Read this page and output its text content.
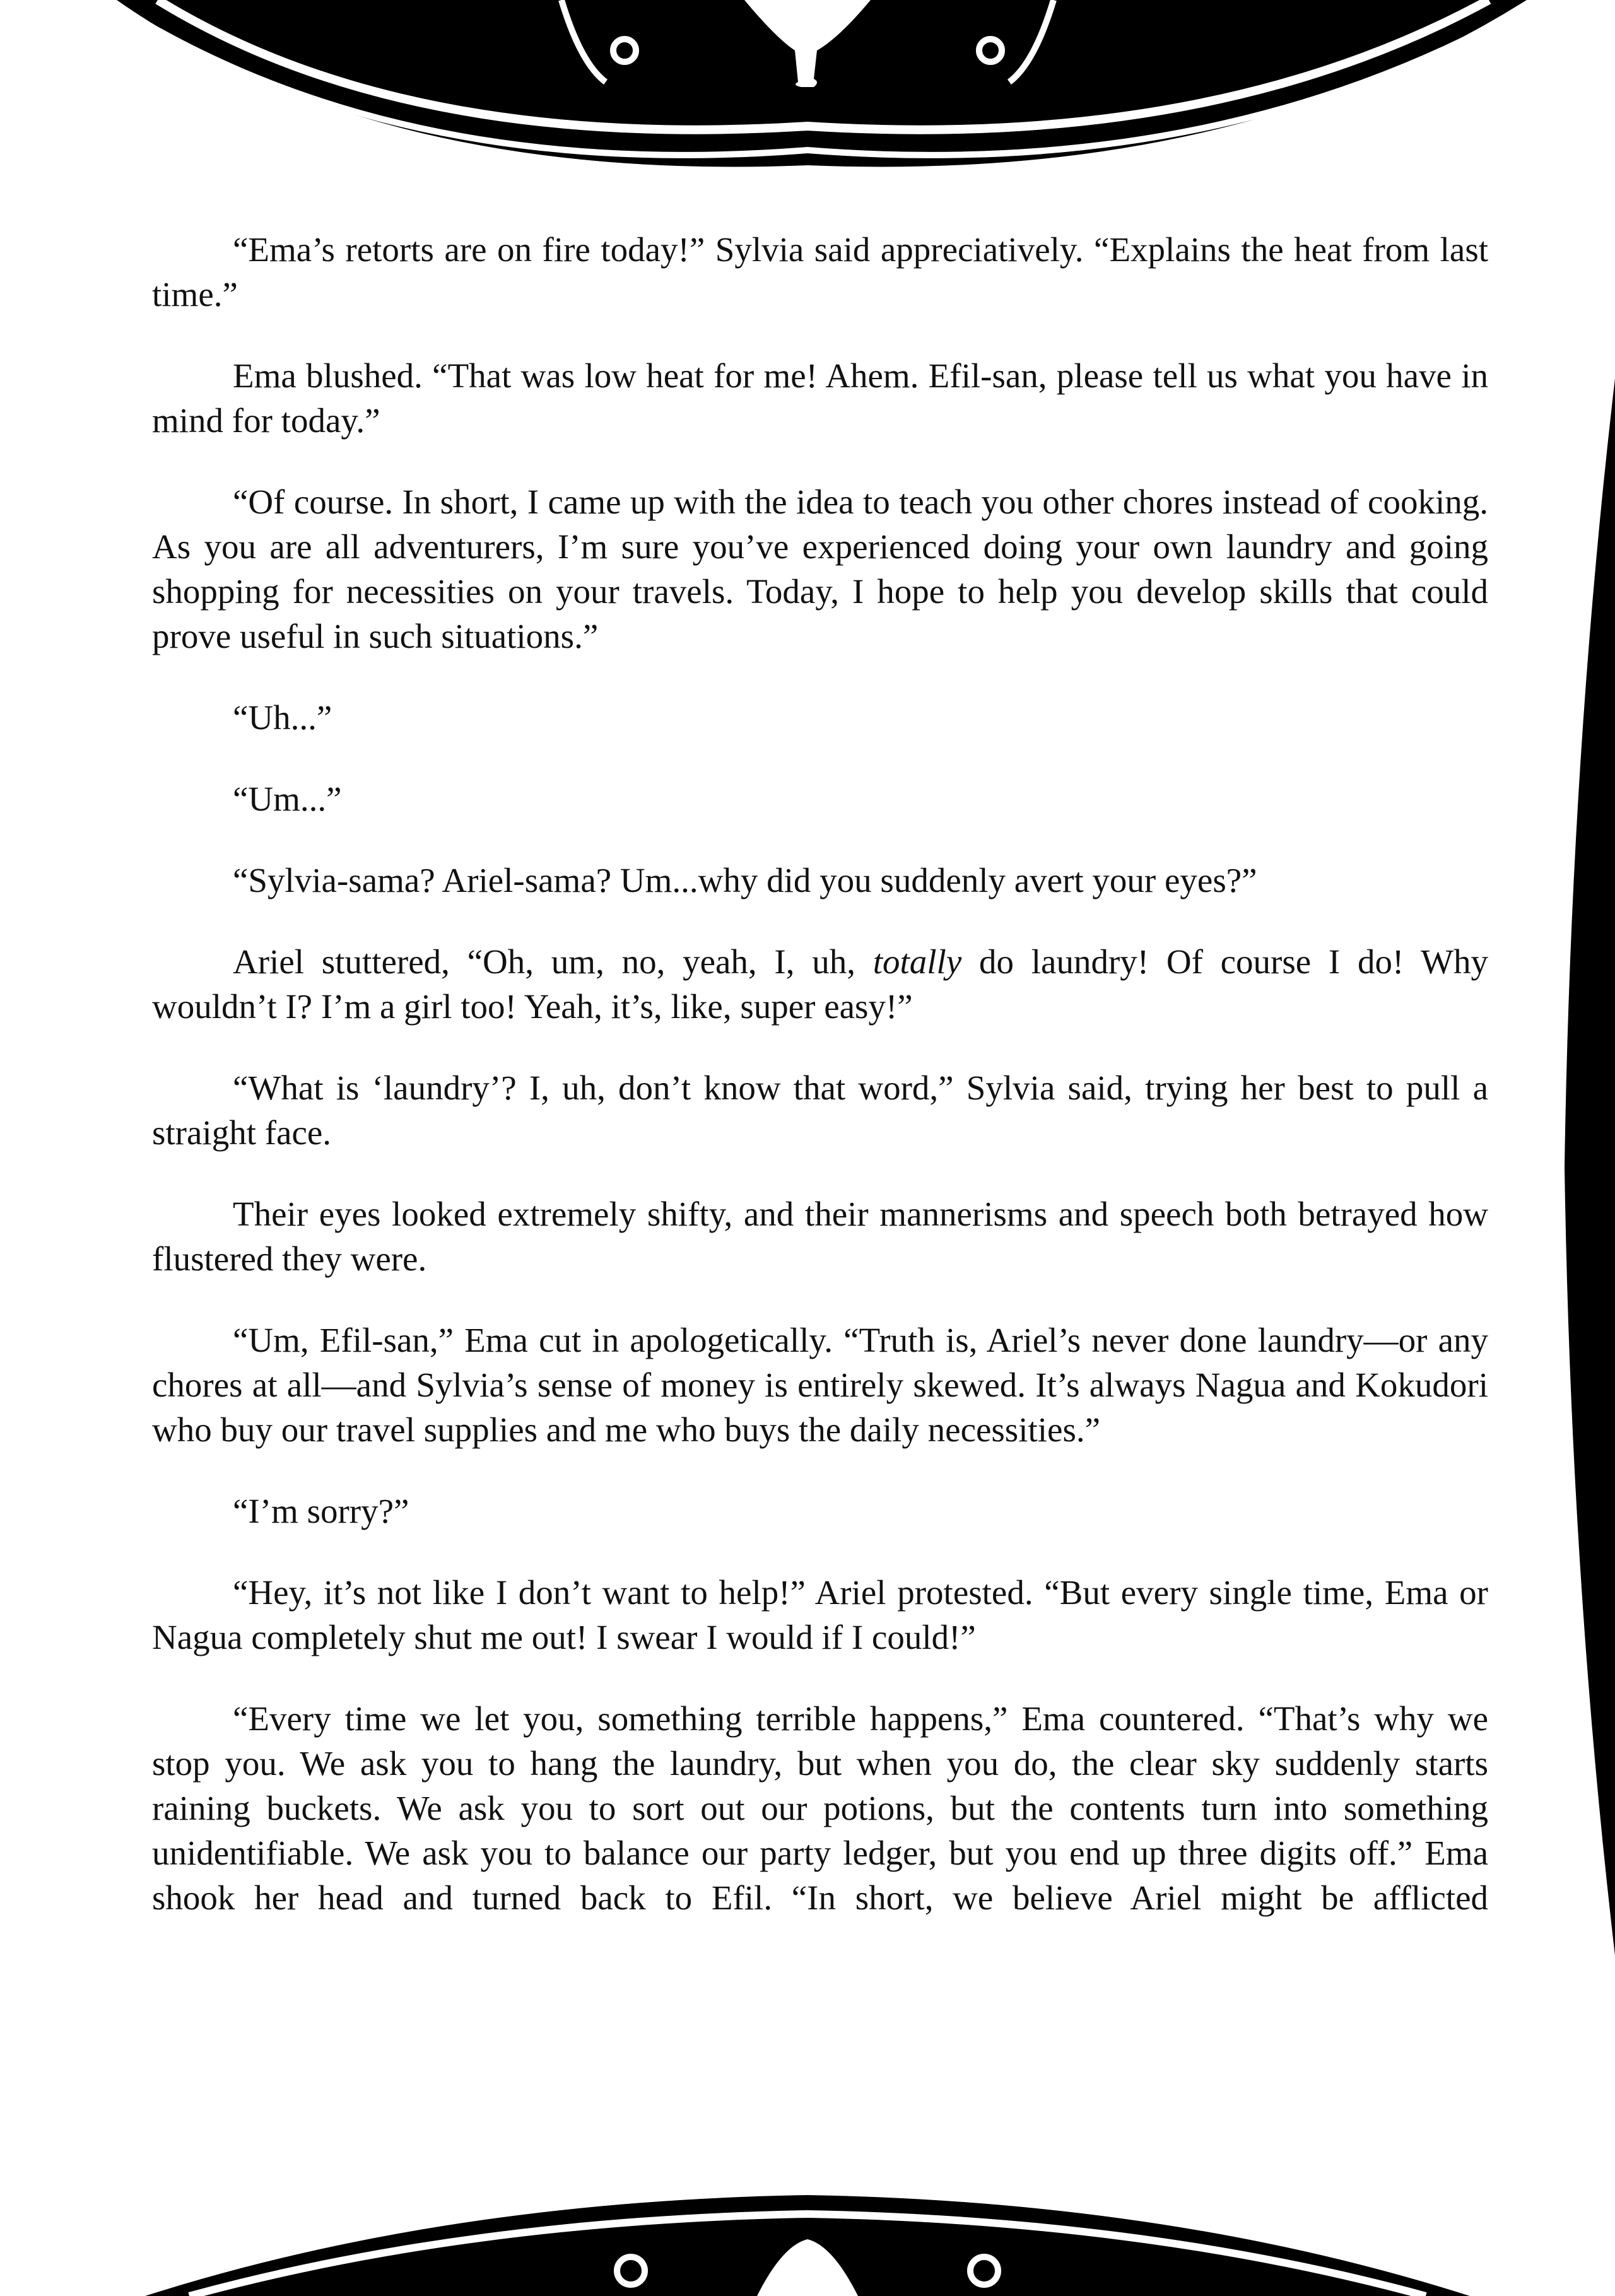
“Ema’s retorts are on fire today!” Sylvia said appreciatively. “Explains the heat from last time.”

Ema blushed. “That was low heat for me! Ahem. Efil-san, please tell us what you have in mind for today.”

“Of course. In short, I came up with the idea to teach you other chores instead of cooking. As you are all adventurers, I’m sure you’ve experienced doing your own laundry and going shopping for necessities on your travels. Today, I hope to help you develop skills that could prove useful in such situations.”

“Uh...”

“Um...”

“Sylvia-sama? Ariel-sama? Um...why did you suddenly avert your eyes?”

Ariel stuttered, “Oh, um, no, yeah, I, uh, totally do laundry! Of course I do! Why wouldn’t I? I’m a girl too! Yeah, it’s, like, super easy!”

“What is ‘laundry’? I, uh, don’t know that word,” Sylvia said, trying her best to pull a straight face.

Their eyes looked extremely shifty, and their mannerisms and speech both betrayed how flustered they were.

“Um, Efil-san,” Ema cut in apologetically. “Truth is, Ariel’s never done laundry—or any chores at all—and Sylvia’s sense of money is entirely skewed. It’s always Nagua and Kokudori who buy our travel supplies and me who buys the daily necessities.”

“I’m sorry?”

“Hey, it’s not like I don’t want to help!” Ariel protested. “But every single time, Ema or Nagua completely shut me out! I swear I would if I could!”

“Every time we let you, something terrible happens,” Ema countered. “That’s why we stop you. We ask you to hang the laundry, but when you do, the clear sky suddenly starts raining buckets. We ask you to sort out our potions, but the contents turn into something unidentifiable. We ask you to balance our party ledger, but you end up three digits off.” Ema shook her head and turned back to Efil. “In short, we believe Ariel might be afflicted
